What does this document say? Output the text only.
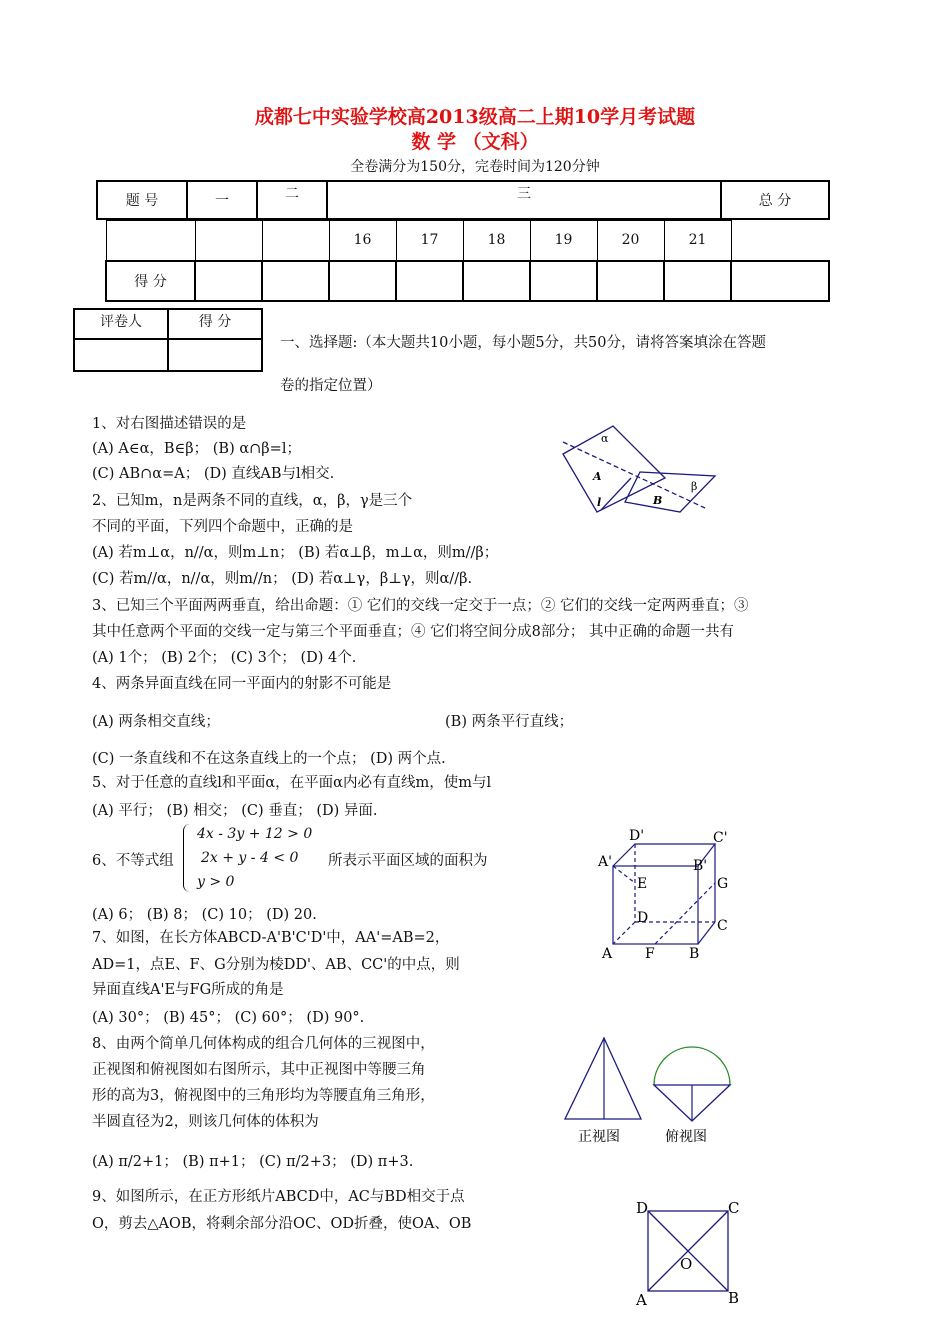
成都七中实验学校高2013级高二上期10学月考试题
数 学 （文科）
全卷满分为150分，完卷时间为120分钟
题 号	一	二	三	总 分
			16	17	18	19	20	21	
得 分									
评卷人	得 分

一、选择题:（本大题共10小题，每小题5分，共50分，请将答案填涂在答题
卷的指定位置）
1、对右图描述错误的是
(A) A∈α，B∈β； (B) α∩β=l；
(C) AB∩α=A； (D) 直线AB与l相交.
2、已知m，n是两条不同的直线，α，β，γ是三个
不同的平面，下列四个命题中，正确的是
(A) 若m⊥α，n//α，则m⊥n； (B) 若α⊥β，m⊥α，则m//β；
(C) 若m//α，n//α，则m//n； (D) 若α⊥γ，β⊥γ，则α//β.
3、已知三个平面两两垂直，给出命题：① 它们的交线一定交于一点；② 它们的交线一定两两垂直；③
其中任意两个平面的交线一定与第三个平面垂直；④ 它们将空间分成8部分； 其中正确的命题一共有
(A) 1个； (B) 2个； (C) 3个； (D) 4个.
4、两条异面直线在同一平面内的射影不可能是
(A) 两条相交直线；	(B) 两条平行直线；
(C) 一条直线和不在这条直线上的一个点； (D) 两个点.
5、对于任意的直线l和平面α，在平面α内必有直线m，使m与l
(A) 平行； (B) 相交； (C) 垂直； (D) 异面.
6、不等式组
4x - 3y + 12 > 0
2x + y - 4 < 0
y > 0
所表示平面区域的面积为
(A) 6； (B) 8； (C) 10； (D) 20.
7、如图，在长方体ABCD-A'B'C'D'中，AA'=AB=2，
AD=1，点E、F、G分别为棱DD'、AB、CC'的中点，则
异面直线A'E与FG所成的角是
(A) 30°； (B) 45°； (C) 60°； (D) 90°.
8、由两个简单几何体构成的组合几何体的三视图中，
正视图和俯视图如右图所示，其中正视图中等腰三角
形的高为3，俯视图中的三角形均为等腰直角三角形，
半圆直径为2，则该几何体的体积为
(A) π/2+1； (B) π+1； (C) π/2+3； (D) π+3.
9、如图所示，在正方形纸片ABCD中，AC与BD相交于点
O，剪去△AOB，将剩余部分沿OC、OD折叠，使OA、OB
α
β
A
B
l
D'	C'
A'	B'
E	G
D	C
A F B
正视图	俯视图
D	C
O
A	B
